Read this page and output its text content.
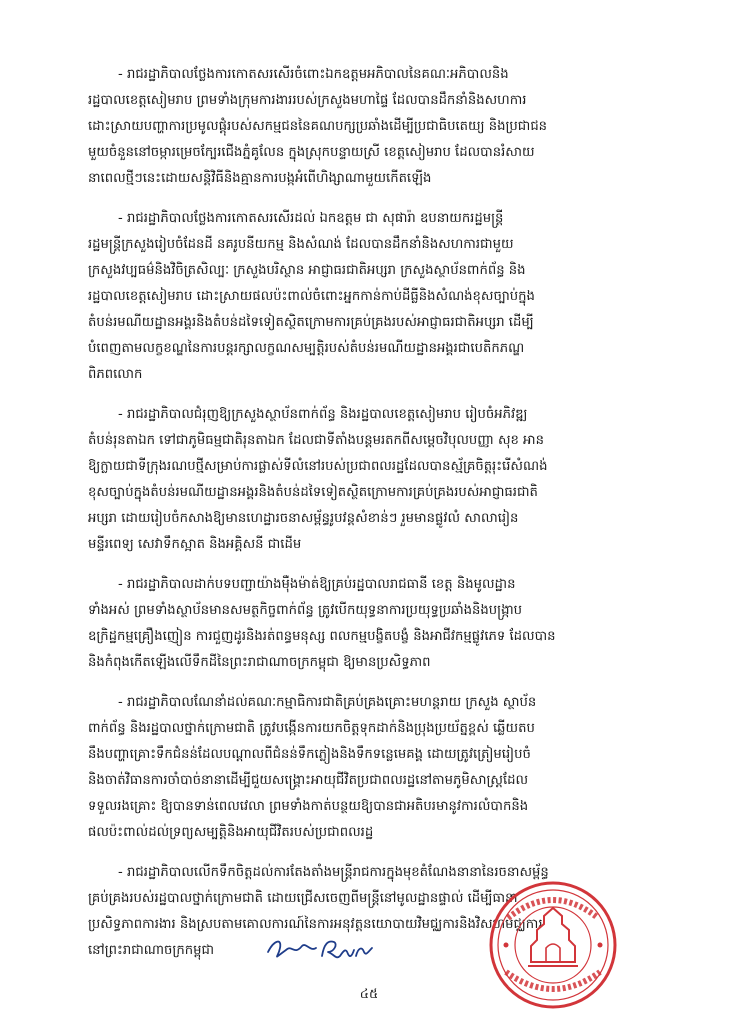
- រាជរដ្ឋាភិបាលថ្លែងការកោតសរសើរចំពោះឯកឧត្តមអភិបាលនៃគណៈអភិបាលនិង
រដ្ឋបាលខេត្តសៀមរាប ព្រមទាំងក្រុមការងាររបស់ក្រសួងមហាផ្ទៃ ដែលបានដឹកនាំនិងសហការ
ដោះស្រាយបញ្ហាការប្រមូលផ្តុំរបស់សកម្មជននៃគណបក្សប្រឆាំងដើម្បីប្រជាធិបតេយ្យ និងប្រជាជន
មួយចំនួននៅចម្ការម្រេចក្បែរជើងភ្នំគូលែន ក្នុងស្រុកបន្ទាយស្រី ខេត្តសៀមរាប ដែលបានរំសាយ
នាពេលថ្មីៗនេះដោយសន្តិវិធីនិងគ្មានការបង្កអំពើហិង្សាណាមួយកើតឡើង

- រាជរដ្ឋាភិបាលថ្លែងការកោតសរសើរដល់ ឯកឧត្តម ជា សុផារ៉ា ឧបនាយករដ្ឋមន្ត្រី
រដ្ឋមន្ត្រីក្រសួងរៀបចំដែនដី នគរូបនីយកម្ម និងសំណង់ ដែលបានដឹកនាំនិងសហការជាមួយ
ក្រសួងវប្បធម៌និងវិចិត្រសិល្បៈ ក្រសួងបរិស្ថាន អាជ្ញាធរជាតិអប្សរា ក្រសួងស្ថាប័នពាក់ព័ន្ធ និង
រដ្ឋបាលខេត្តសៀមរាប ដោះស្រាយផលប៉ះពាល់ចំពោះអ្នកកាន់កាប់ដីធ្លីនិងសំណង់ខុសច្បាប់ក្នុង
តំបន់រមណីយដ្ឋានអង្គរនិងតំបន់ដទៃទៀតស្ថិតក្រោមការគ្រប់គ្រងរបស់អាជ្ញាធរជាតិអប្សរា ដើម្បី
បំពេញតាមលក្ខខណ្ឌនៃការបន្តរក្សាលក្ខណសម្បត្តិរបស់តំបន់រមណីយដ្ឋានអង្គរជាបេតិកភណ្ឌ
ពិភពលោក

- រាជរដ្ឋាភិបាលជំរុញឱ្យក្រសួងស្ថាប័នពាក់ព័ន្ធ និងរដ្ឋបាលខេត្តសៀមរាប រៀបចំអភិវឌ្ឍ
តំបន់រុនតាឯក ទៅជាភូមិធម្មជាតិរុនតាឯក ដែលជាទីតាំងបន្តមរតកពីសម្តេចវិបុលបញ្ញា សុខ អាន
ឱ្យក្លាយជាទីក្រុងរណបថ្មីសម្រាប់ការផ្លាស់ទីលំនៅរបស់ប្រជាពលរដ្ឋដែលបានស្ម័គ្រចិត្តរុះរើសំណង់
ខុសច្បាប់ក្នុងតំបន់រមណីយដ្ឋានអង្គរនិងតំបន់ដទៃទៀតស្ថិតក្រោមការគ្រប់គ្រងរបស់អាជ្ញាធរជាតិ
អប្សរា ដោយរៀបចំកសាងឱ្យមានហេដ្ឋារចនាសម្ព័ន្ធរូបវន្តសំខាន់ៗ រួមមានផ្លូវលំ សាលារៀន
មន្ទីរពេទ្យ សេវាទឹកស្អាត និងអគ្គិសនី ជាដើម

- រាជរដ្ឋាភិបាលដាក់បទបញ្ជាយ៉ាងម៉ឺងម៉ាត់ឱ្យគ្រប់រដ្ឋបាលរាជធានី ខេត្ត និងមូលដ្ឋាន
ទាំងអស់ ព្រមទាំងស្ថាប័នមានសមត្ថកិច្ចពាក់ព័ន្ធ ត្រូវបើកយុទ្ធនាការប្រយុទ្ធប្រឆាំងនិងបង្ក្រាប
ឧក្រិដ្ឋកម្មគ្រឿងញៀន ការជួញដូរនិងរត់ពន្ធមនុស្ស ពលកម្មបង្ខិតបង្ខំ និងអាជីវកម្មផ្លូវភេទ ដែលបាន
និងកំពុងកើតឡើងលើទឹកដីនៃព្រះរាជាណាចក្រកម្ពុជា ឱ្យមានប្រសិទ្ធភាព

- រាជរដ្ឋាភិបាលណែនាំដល់គណៈកម្មាធិការជាតិគ្រប់គ្រងគ្រោះមហន្តរាយ ក្រសួង ស្ថាប័ន
ពាក់ព័ន្ធ និងរដ្ឋបាលថ្នាក់ក្រោមជាតិ ត្រូវបង្កើនការយកចិត្តទុកដាក់និងប្រុងប្រយ័ត្នខ្ពស់ ឆ្លើយតប
នឹងបញ្ហាគ្រោះទឹកជំនន់ដែលបណ្តាលពីជំនន់ទឹកភ្លៀងនិងទឹកទន្លេមេគង្គ ដោយត្រូវត្រៀមរៀបចំ
និងចាត់វិធានការចាំបាច់នានាដើម្បីជួយសង្គ្រោះអាយុជីវិតប្រជាពលរដ្ឋនៅតាមភូមិសាស្ត្រដែល
ទទួលរងគ្រោះ ឱ្យបានទាន់ពេលវេលា ព្រមទាំងកាត់បន្ថយឱ្យបានជាអតិបរមានូវការលំបាកនិង
ផលប៉ះពាល់ដល់ទ្រព្យសម្បត្តិនិងអាយុជីវិតរបស់ប្រជាពលរដ្ឋ

- រាជរដ្ឋាភិបាលលើកទឹកចិត្តដល់ការតែងតាំងមន្ត្រីរាជការក្នុងមុខតំណែងនានានៃរចនាសម្ព័ន្ធ
គ្រប់គ្រងរបស់រដ្ឋបាលថ្នាក់ក្រោមជាតិ ដោយជ្រើសចេញពីមន្ត្រីនៅមូលដ្ឋានផ្ទាល់ ដើម្បីធានា
ប្រសិទ្ធភាពការងារ និងស្របតាមគោលការណ៍នៃការអនុវត្តនយោបាយវិមជ្ឈការនិងវិសហមជ្ឈការ
នៅព្រះរាជាណាចក្រកម្ពុជា

៤៥
